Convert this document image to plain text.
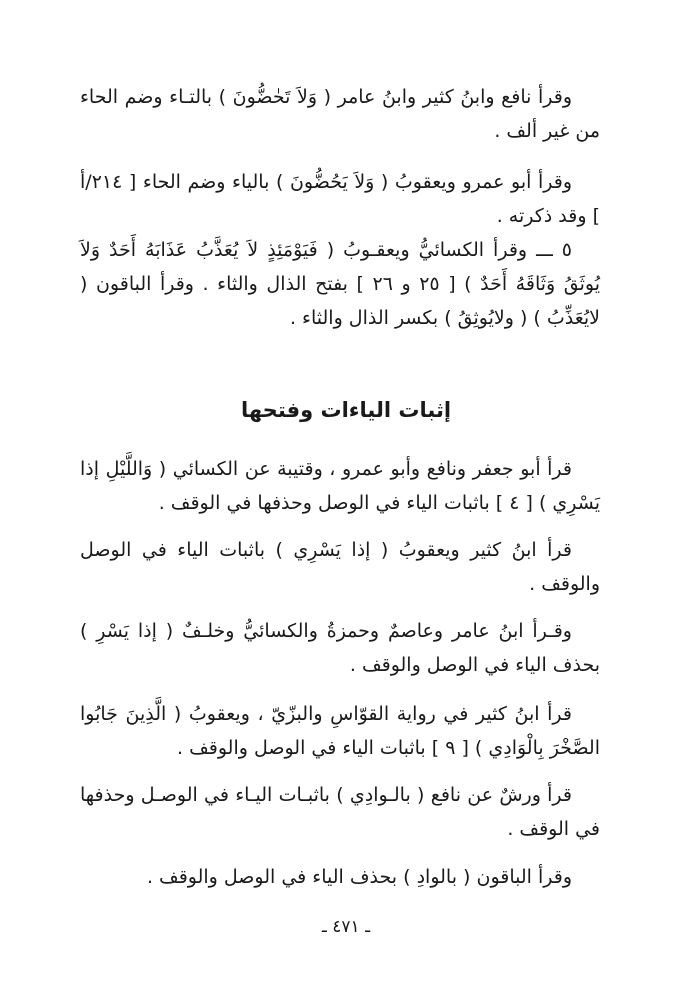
وقرأ نافع وابنُ كثير وابنُ عامر ( وَلاَ تَحٰضُّونَ ) بالتـاء وضم الحاء من غير ألف .

وقرأ أبو عمرو ويعقوبُ ( وَلاَ يَحُضُّونَ ) بالياء وضم الحاء [ ٢١٤/أ ] وقد ذكرته .

٥ ـــ وقرأ الكسائيُّ ويعقـوبُ ( فَيَوْمَئِذٍ لاَ يُعَذَّبُ عَذَابَهُ أَحَدٌ وَلاَ يُوثَقُ وَثَاقَهُ أَحَدٌ ) [ ٢٥ و ٢٦ ] بفتح الذال والثاء . وقرأ الباقون ( لايُعَذِّبُ ) ( ولايُوثِقُ ) بكسر الذال والثاء .

إثبات الياءات وفتحها

قرأ أبو جعفر ونافع وأبو عمرو ، وقتيبة عن الكسائي ( وَاللَّيْلِ إذا يَسْرِي ) [ ٤ ] باثبات الياء في الوصل وحذفها في الوقف .

قرأ ابنُ كثير ويعقوبُ ( إذا يَسْرِي ) باثبات الياء في الوصل والوقف .

وقـرأ ابنُ عامر وعاصمٌ وحمزةُ والكسائيُّ وخلـفٌ ( إذا يَسْرِ ) بحذف الياء في الوصل والوقف .

قرأ ابنُ كثير في رواية القوّاسِ والبزّيّ ، ويعقوبُ ( الَّذِينَ جَابُوا الصَّخْرَ بِالْوَادِي ) [ ٩ ] باثبات الياء في الوصل والوقف .

قرأ ورشٌ عن نافع ( بالـوادِي ) باثبـات اليـاء في الوصـل وحذفها في الوقف .

وقرأ الباقون ( بالوادِ ) بحذف الياء في الوصل والوقف .

ـ ٤٧١ ـ
